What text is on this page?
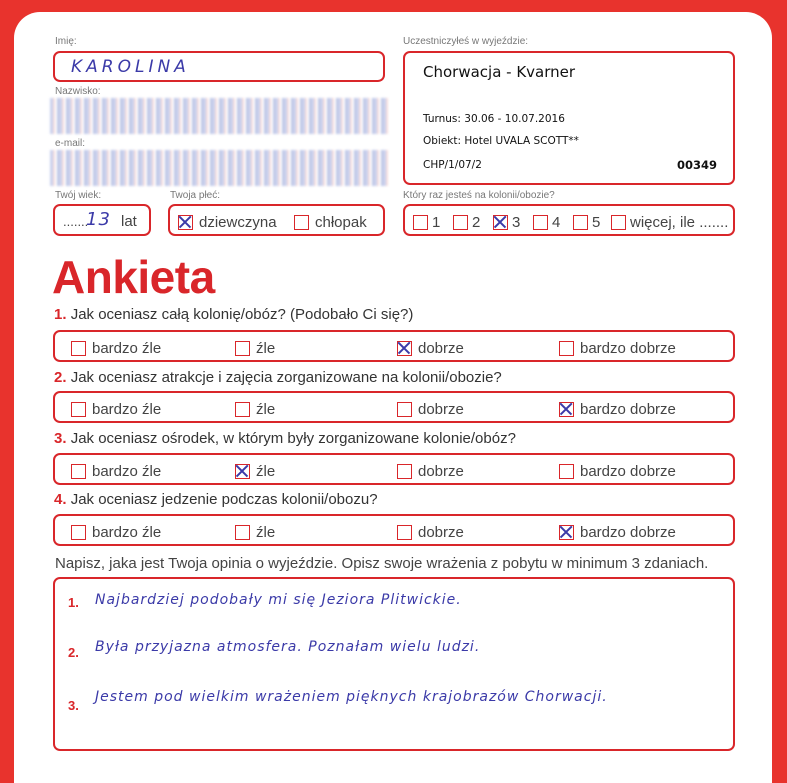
Imię:
KAROLINA
Nazwisko:
e-mail:
Uczestniczyłeś w wyjeździe:
Chorwacja - Kvarner
Turnus: 30.06 - 10.07.2016
Obiekt: Hotel UVALA SCOTT**
CHP/1/07/2	00349
Twój wiek:
.......
13 lat
Twoja płeć:
dziewczyna	chłopak
Który raz jesteś na kolonii/obozie?
1	2	3	4	5	więcej, ile .......
Ankieta
1. Jak oceniasz całą kolonię/obóz? (Podobało Ci się?)
bardzo źle	źle	dobrze	bardzo dobrze
2. Jak oceniasz atrakcje i zajęcia zorganizowane na kolonii/obozie?
bardzo źle	źle	dobrze	bardzo dobrze
3. Jak oceniasz ośrodek, w którym były zorganizowane kolonie/obóz?
bardzo źle	źle	dobrze	bardzo dobrze
4. Jak oceniasz jedzenie podczas kolonii/obozu?
bardzo źle	źle	dobrze	bardzo dobrze
Napisz, jaka jest Twoja opinia o wyjeździe. Opisz swoje wrażenia z pobytu w minimum 3 zdaniach.
1. Najbardziej podobały mi się Jeziora Plitwickie.
2. Była przyjazna atmosfera. Poznałam wielu ludzi.
3.
Jestem pod wielkim wrażeniem pięknych krajobrazów Chorwacji.
